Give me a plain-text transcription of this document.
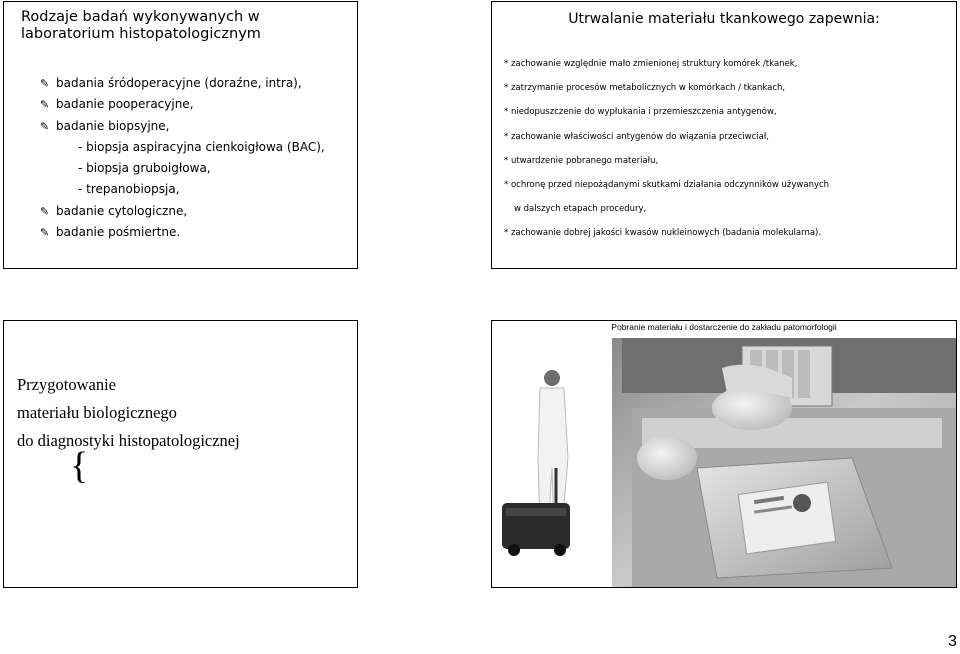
Rodzaje badań wykonywanych w laboratorium histopatologicznym
✎ badania śródoperacyjne (doraźne, intra),
✎ badanie pooperacyjne,
✎ badanie biopsyjne,
- biopsja aspiracyjna cienkoigłowa (BAC),
- biopsja gruboigłowa,
- trepanobiopsja,
✎ badanie cytologiczne,
✎ badanie pośmiertne.
Utrwalanie materiału tkankowego zapewnia:
* zachowanie względnie mało zmienionej struktury komórek /tkanek,
* zatrzymanie procesów metabolicznych w komórkach / tkankach,
* niedopuszczenie do wypłukania i przemieszczenia antygenów,
* zachowanie właściwości antygenów do wiązania przeciwciał,
* utwardzenie pobranego materiału,
* ochronę przed niepożądanymi skutkami działania odczynników używanych
w dalszych etapach procedury,
* zachowanie dobrej jakości kwasów nukleinowych (badania molekularna).
Przygotowanie
materiału biologicznego
do diagnostyki histopatologicznej
{
Pobranie materiału i dostarczenie do zakładu patomorfologii
3
